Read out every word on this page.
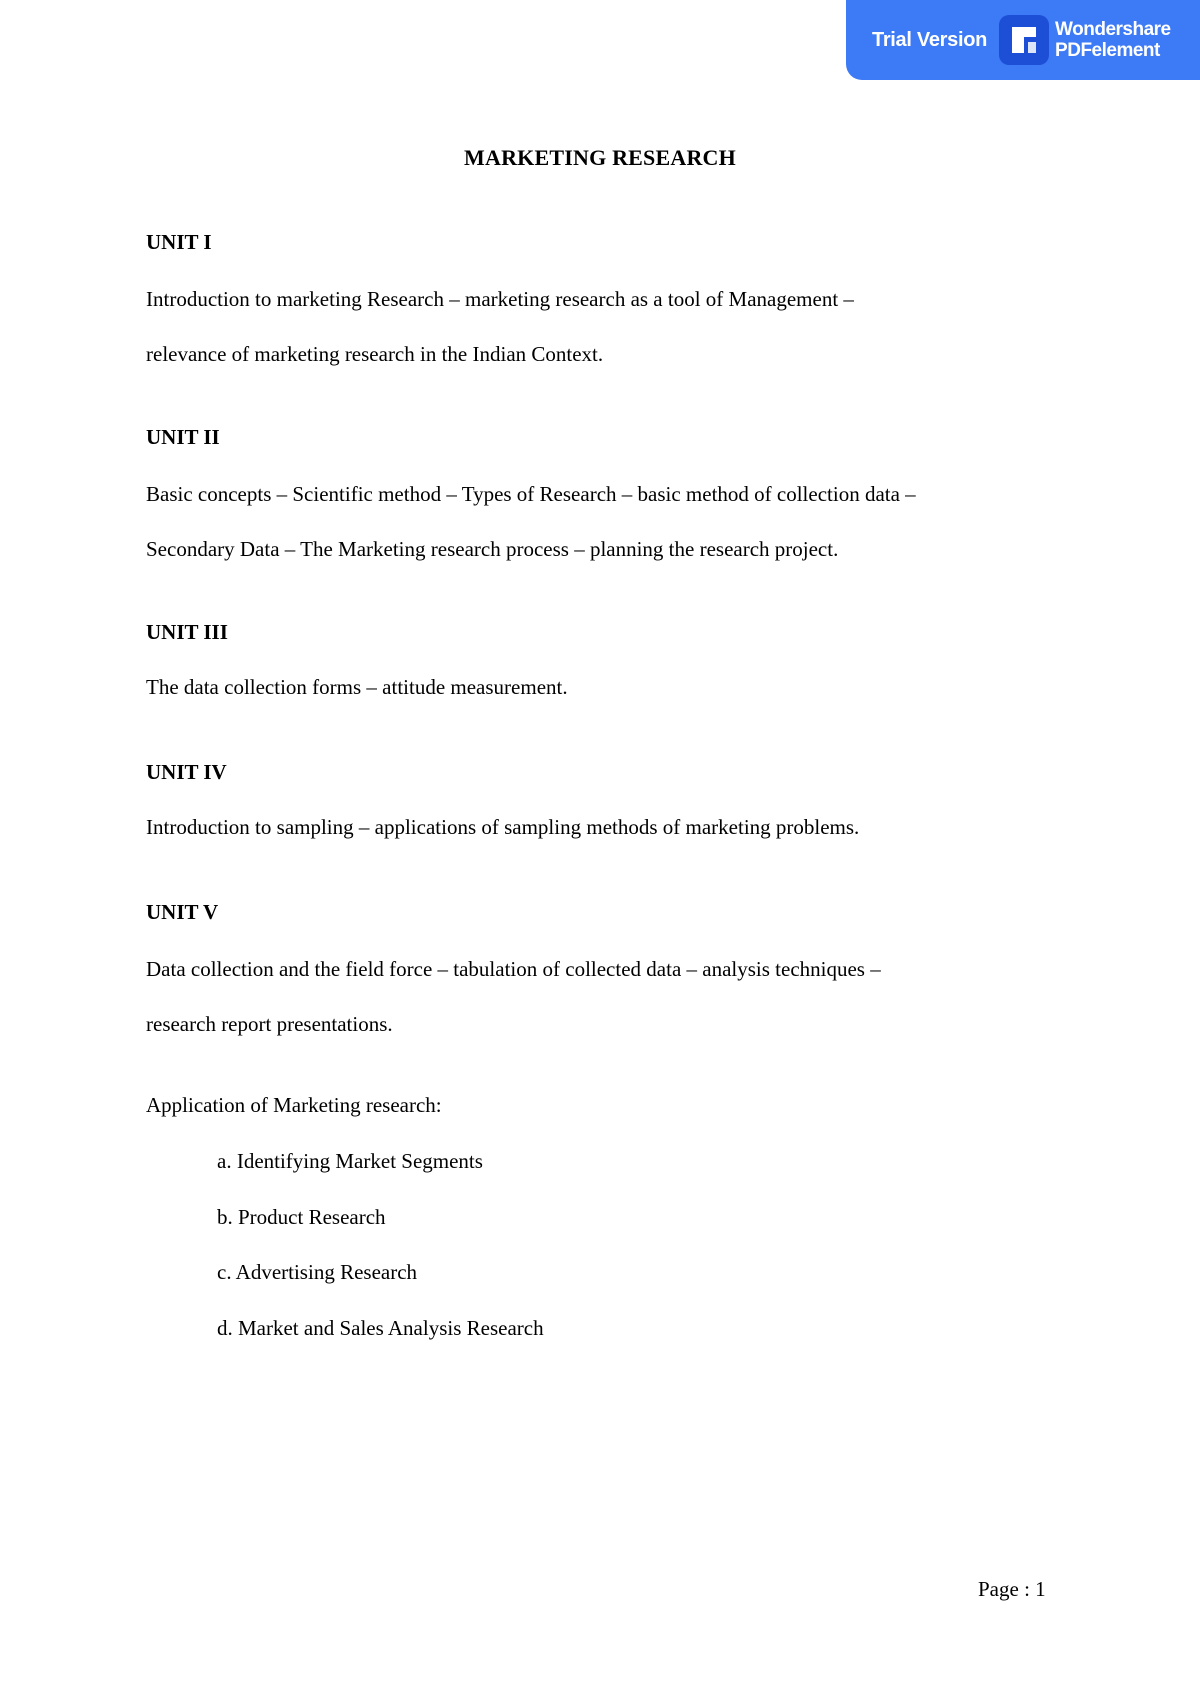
Trial Version	Wondershare
PDFelement
MARKETING RESEARCH
UNIT I
Introduction to marketing Research – marketing research as a tool of Management –
relevance of marketing research in the Indian Context.
UNIT II
Basic concepts – Scientific method – Types of Research – basic method of collection data –
Secondary Data – The Marketing research process – planning the research project.
UNIT III
The data collection forms – attitude measurement.
UNIT IV
Introduction to sampling – applications of sampling methods of marketing problems.
UNIT V
Data collection and the field force – tabulation of collected data – analysis techniques –
research report presentations.
Application of Marketing research:
a. Identifying Market Segments
b. Product Research
c. Advertising Research
d. Market and Sales Analysis Research
Page : 1
